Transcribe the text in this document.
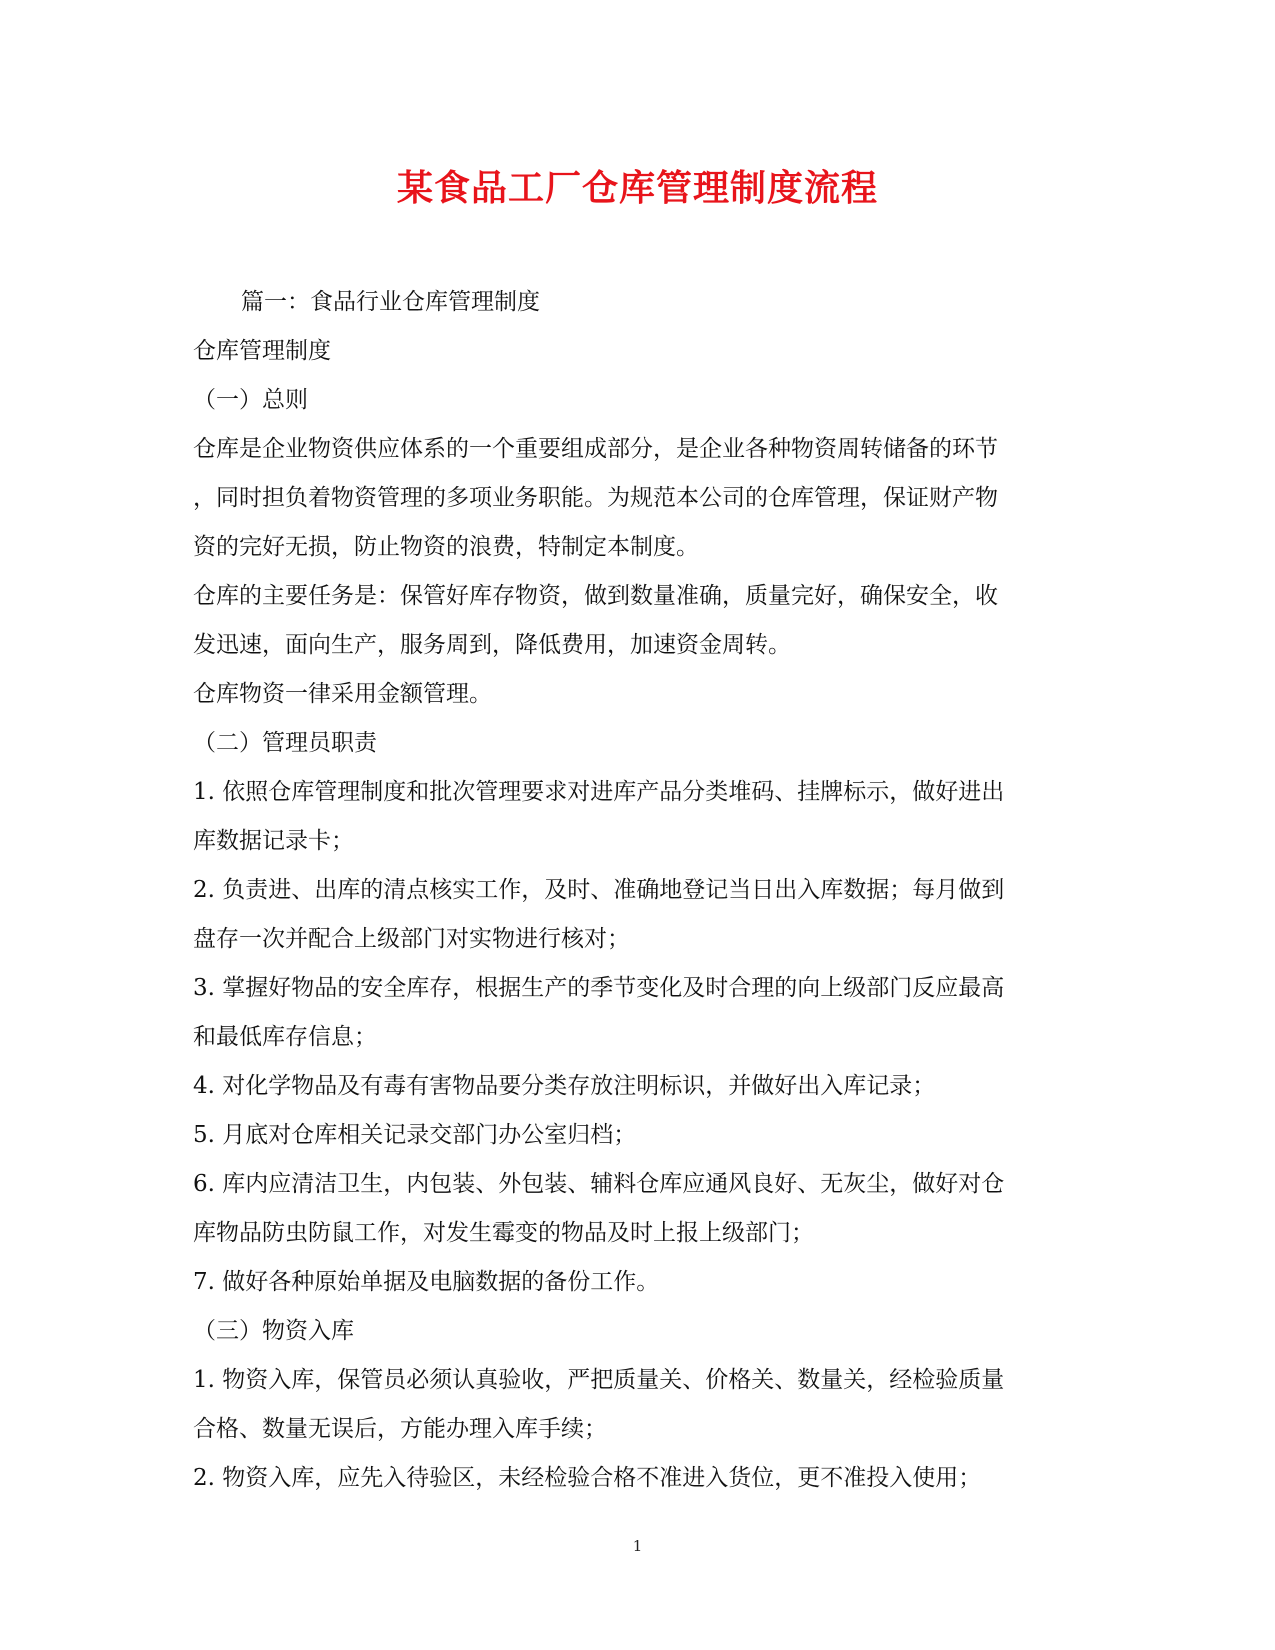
某食品工厂仓库管理制度流程
篇一：食品行业仓库管理制度
仓库管理制度
（一）总则
仓库是企业物资供应体系的一个重要组成部分，是企业各种物资周转储备的环节
，同时担负着物资管理的多项业务职能。为规范本公司的仓库管理，保证财产物
资的完好无损，防止物资的浪费，特制定本制度。
仓库的主要任务是：保管好库存物资，做到数量准确，质量完好，确保安全，收
发迅速，面向生产，服务周到，降低费用，加速资金周转。
仓库物资一律采用金额管理。
（二）管理员职责
1. 依照仓库管理制度和批次管理要求对进库产品分类堆码、挂牌标示，做好进出
库数据记录卡；
2. 负责进、出库的清点核实工作，及时、准确地登记当日出入库数据；每月做到
盘存一次并配合上级部门对实物进行核对；
3. 掌握好物品的安全库存，根据生产的季节变化及时合理的向上级部门反应最高
和最低库存信息；
4. 对化学物品及有毒有害物品要分类存放注明标识，并做好出入库记录；
5. 月底对仓库相关记录交部门办公室归档；
6. 库内应清洁卫生，内包装、外包装、辅料仓库应通风良好、无灰尘，做好对仓
库物品防虫防鼠工作，对发生霉变的物品及时上报上级部门；
7. 做好各种原始单据及电脑数据的备份工作。
（三）物资入库
1. 物资入库，保管员必须认真验收，严把质量关、价格关、数量关，经检验质量
合格、数量无误后，方能办理入库手续；
2. 物资入库，应先入待验区，未经检验合格不准进入货位，更不准投入使用；
1
